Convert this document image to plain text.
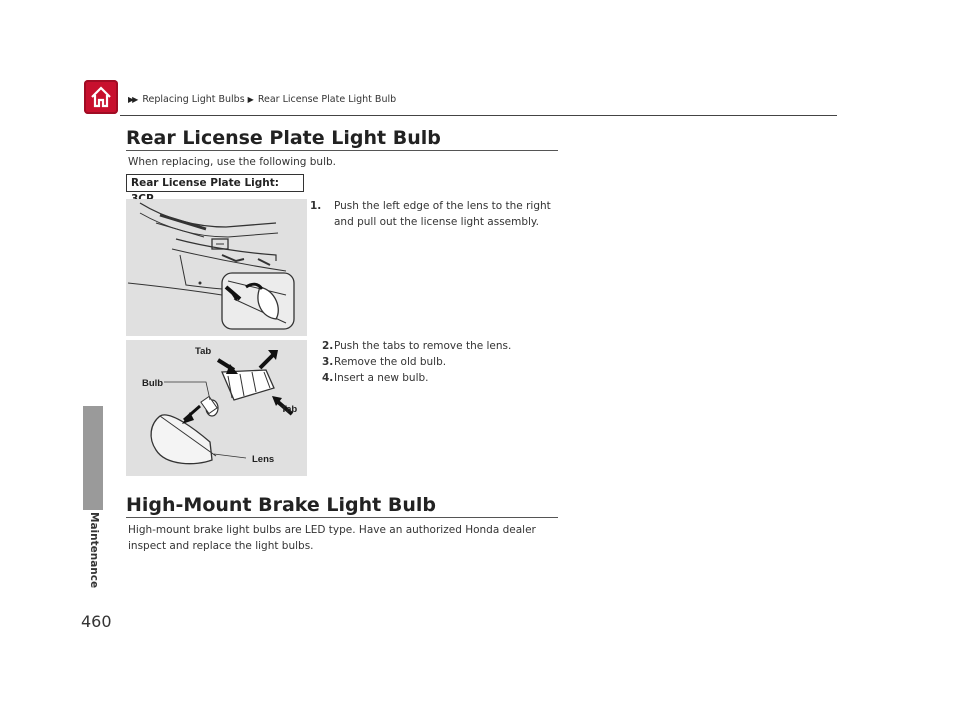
▶▶ Replacing Light Bulbs ▶ Rear License Plate Light Bulb
Maintenance
460
Rear License Plate Light Bulb
When replacing, use the following bulb.
Rear License Plate Light:
1. Push the left edge of the lens to the right and pull out the license light assembly.
Tab
Bulb
Tab
Lens
2.Push the tabs to remove the lens.
3.Remove the old bulb.
4.Insert a new bulb.
High-Mount Brake Light Bulb
High-mount brake light bulbs are LED type. Have an authorized Honda dealer inspect and replace the light bulbs.
